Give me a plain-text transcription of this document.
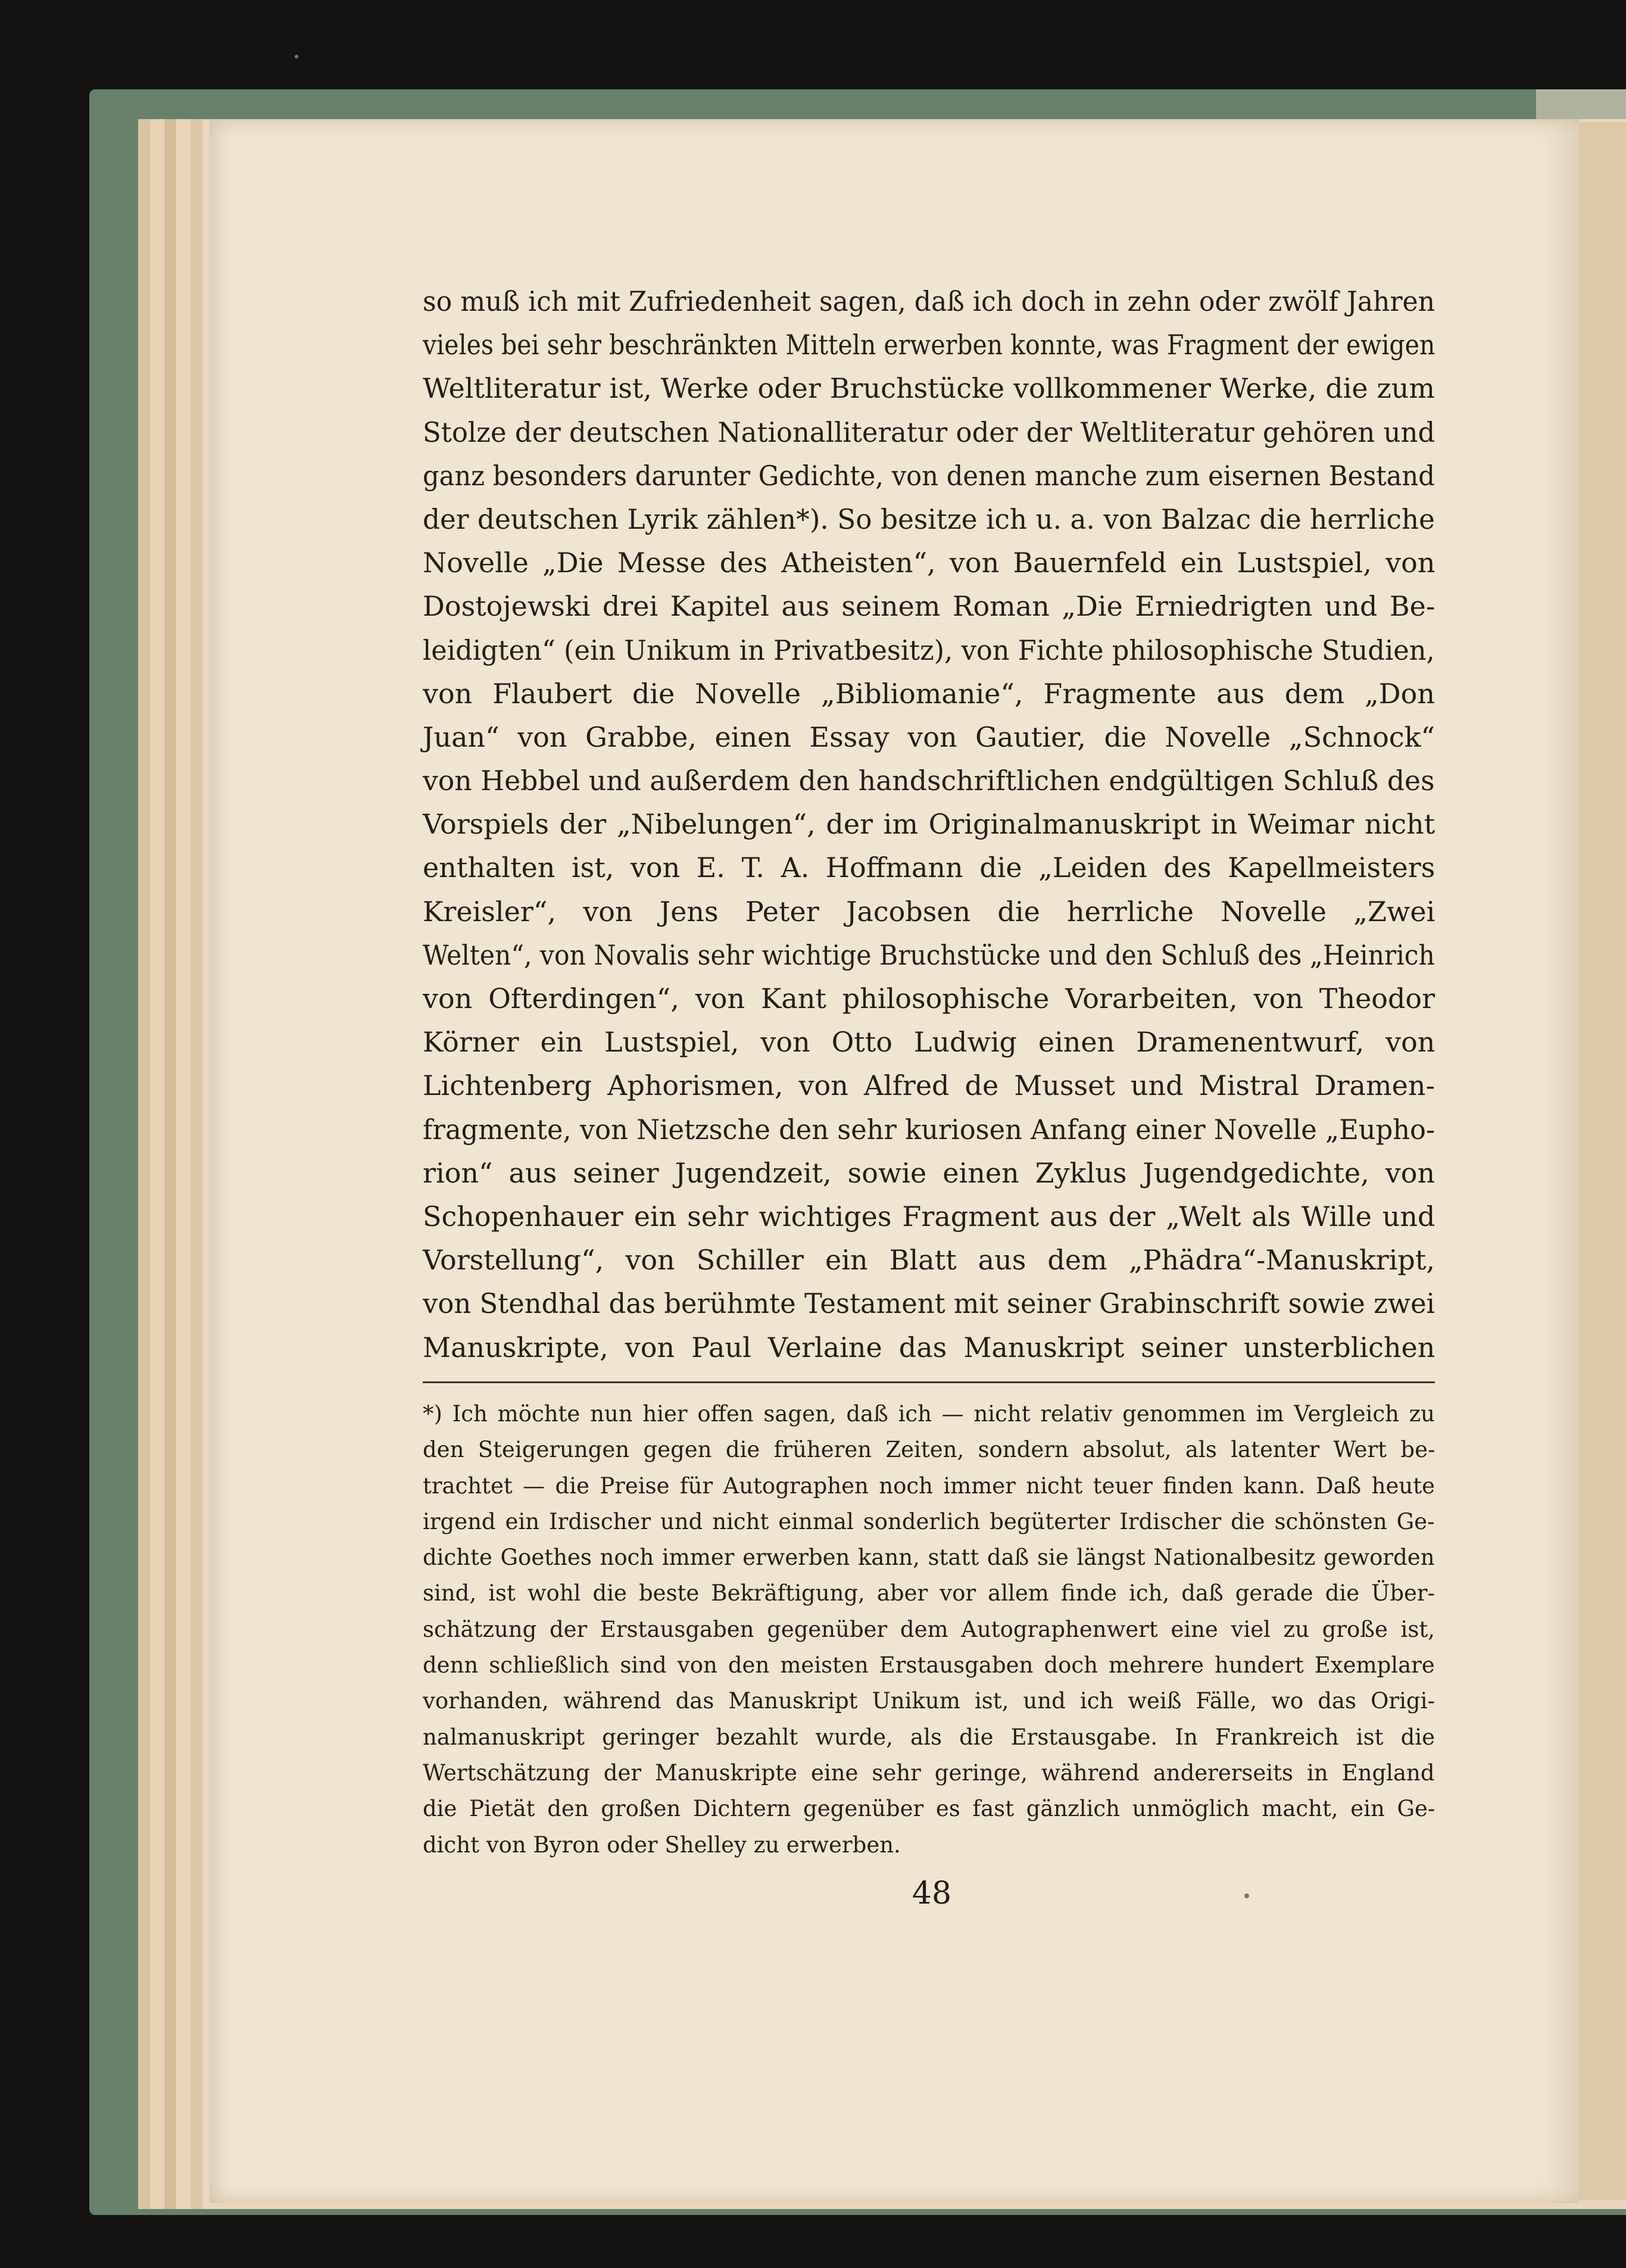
so muß ich mit Zufriedenheit sagen, daß ich doch in zehn oder zwölf Jahren
vieles bei sehr beschränkten Mitteln erwerben konnte, was Fragment der ewigen
Weltliteratur ist, Werke oder Bruchstücke vollkommener Werke, die zum
Stolze der deutschen Nationalliteratur oder der Weltliteratur gehören und
ganz besonders darunter Gedichte, von denen manche zum eisernen Bestand
der deutschen Lyrik zählen*). So besitze ich u. a. von Balzac die herrliche
Novelle „Die Messe des Atheisten“, von Bauernfeld ein Lustspiel, von
Dostojewski drei Kapitel aus seinem Roman „Die Erniedrigten und Be-
leidigten“ (ein Unikum in Privatbesitz), von Fichte philosophische Studien,
von Flaubert die Novelle „Bibliomanie“, Fragmente aus dem „Don
Juan“ von Grabbe, einen Essay von Gautier, die Novelle „Schnock“
von Hebbel und außerdem den handschriftlichen endgültigen Schluß des
Vorspiels der „Nibelungen“, der im Originalmanuskript in Weimar nicht
enthalten ist, von E. T. A. Hoffmann die „Leiden des Kapellmeisters
Kreisler“, von Jens Peter Jacobsen die herrliche Novelle „Zwei
Welten“, von Novalis sehr wichtige Bruchstücke und den Schluß des „Heinrich
von Ofterdingen“, von Kant philosophische Vorarbeiten, von Theodor
Körner ein Lustspiel, von Otto Ludwig einen Dramenentwurf, von
Lichtenberg Aphorismen, von Alfred de Musset und Mistral Dramen-
fragmente, von Nietzsche den sehr kuriosen Anfang einer Novelle „Eupho-
rion“ aus seiner Jugendzeit, sowie einen Zyklus Jugendgedichte, von
Schopenhauer ein sehr wichtiges Fragment aus der „Welt als Wille und
Vorstellung“, von Schiller ein Blatt aus dem „Phädra“-Manuskript,
von Stendhal das berühmte Testament mit seiner Grabinschrift sowie zwei
Manuskripte, von Paul Verlaine das Manuskript seiner unsterblichen
*) Ich möchte nun hier offen sagen, daß ich — nicht relativ genommen im Vergleich zu
den Steigerungen gegen die früheren Zeiten, sondern absolut, als latenter Wert be-
trachtet — die Preise für Autographen noch immer nicht teuer finden kann. Daß heute
irgend ein Irdischer und nicht einmal sonderlich begüterter Irdischer die schönsten Ge-
dichte Goethes noch immer erwerben kann, statt daß sie längst Nationalbesitz geworden
sind, ist wohl die beste Bekräftigung, aber vor allem finde ich, daß gerade die Über-
schätzung der Erstausgaben gegenüber dem Autographenwert eine viel zu große ist,
denn schließlich sind von den meisten Erstausgaben doch mehrere hundert Exemplare
vorhanden, während das Manuskript Unikum ist, und ich weiß Fälle, wo das Origi-
nalmanuskript geringer bezahlt wurde, als die Erstausgabe. In Frankreich ist die
Wertschätzung der Manuskripte eine sehr geringe, während andererseits in England
die Pietät den großen Dichtern gegenüber es fast gänzlich unmöglich macht, ein Ge-
dicht von Byron oder Shelley zu erwerben.
48
